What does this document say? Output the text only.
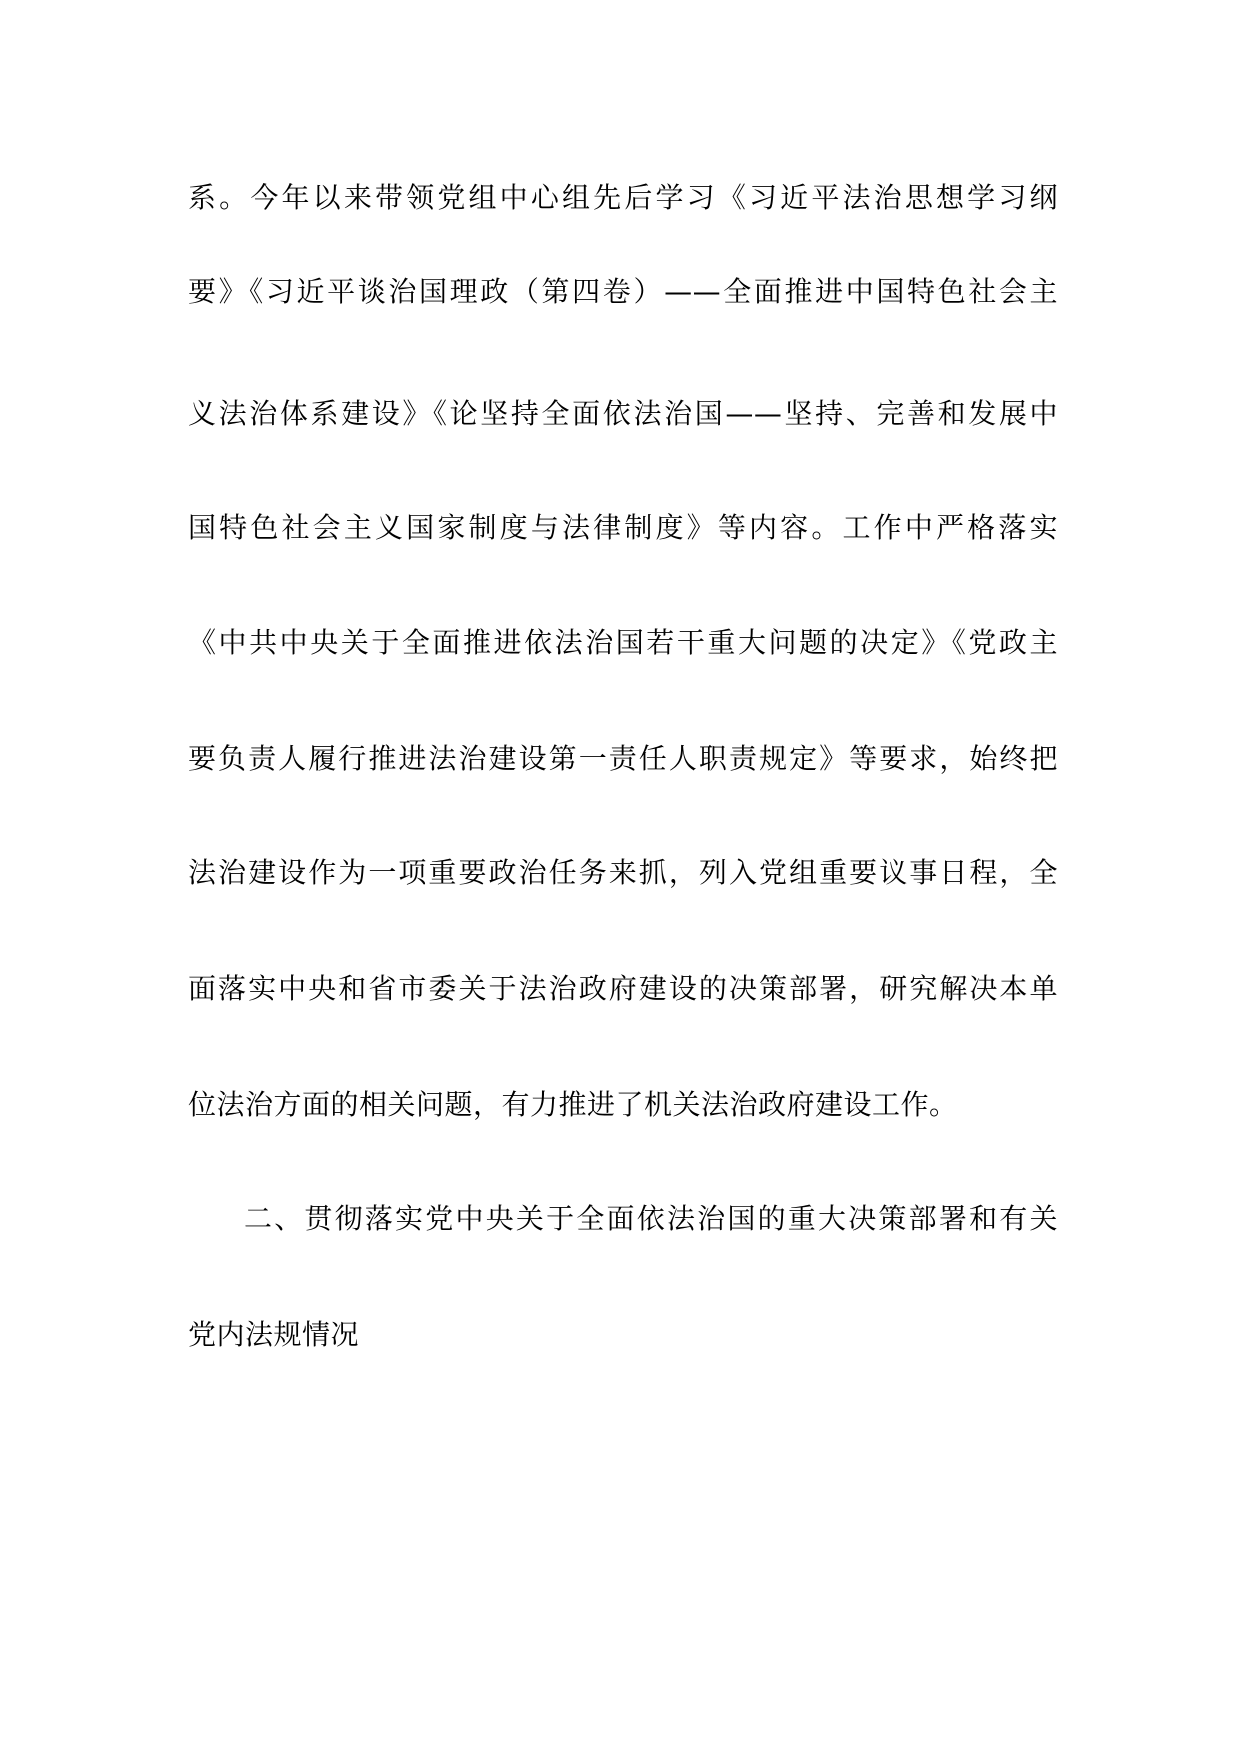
系。今年以来带领党组中心组先后学习《习近平法治思想学习纲
要》《习近平谈治国理政（第四卷）——全面推进中国特色社会主
义法治体系建设》《论坚持全面依法治国——坚持、完善和发展中
国特色社会主义国家制度与法律制度》等内容。工作中严格落实
《中共中央关于全面推进依法治国若干重大问题的决定》《党政主
要负责人履行推进法治建设第一责任人职责规定》等要求，始终把
法治建设作为一项重要政治任务来抓，列入党组重要议事日程，全
面落实中央和省市委关于法治政府建设的决策部署，研究解决本单
位法治方面的相关问题，有力推进了机关法治政府建设工作。
二、贯彻落实党中央关于全面依法治国的重大决策部署和有关
党内法规情况
